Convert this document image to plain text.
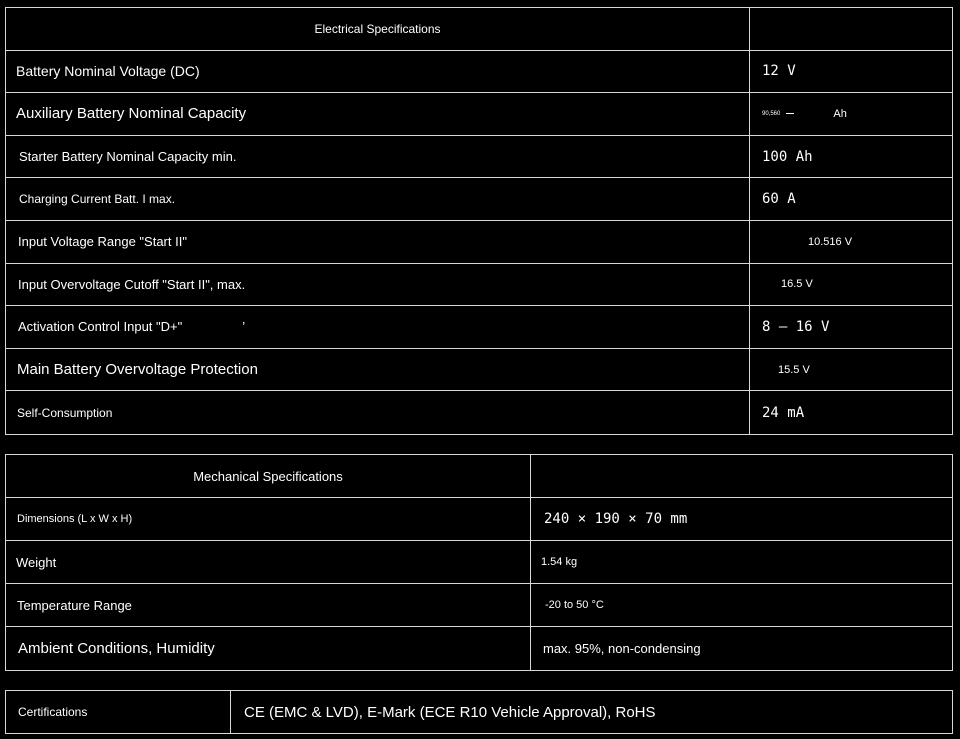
Electrical Specifications
Battery Nominal Voltage (DC)	12 V
Auxiliary Battery Nominal Capacity	90,560	Ah
Starter Battery Nominal Capacity min.	100 Ah
Charging Current Batt. I max.	60 A
Input Voltage Range "Start II"	10.516 V
Input Overvoltage Cutoff "Start II", max.	16.5 V
Activation Control Input "D+"	’	8 – 16 V
Main Battery Overvoltage Protection	15.5 V
Self-Consumption	24 mA
Mechanical Specifications
Dimensions (L x W x H)	240 × 190 × 70 mm
Weight	1.54 kg
Temperature Range	-20 to 50 °C
Ambient Conditions, Humidity	max. 95%, non-condensing
Certifications	CE (EMC & LVD), E-Mark (ECE R10 Vehicle Approval), RoHS
